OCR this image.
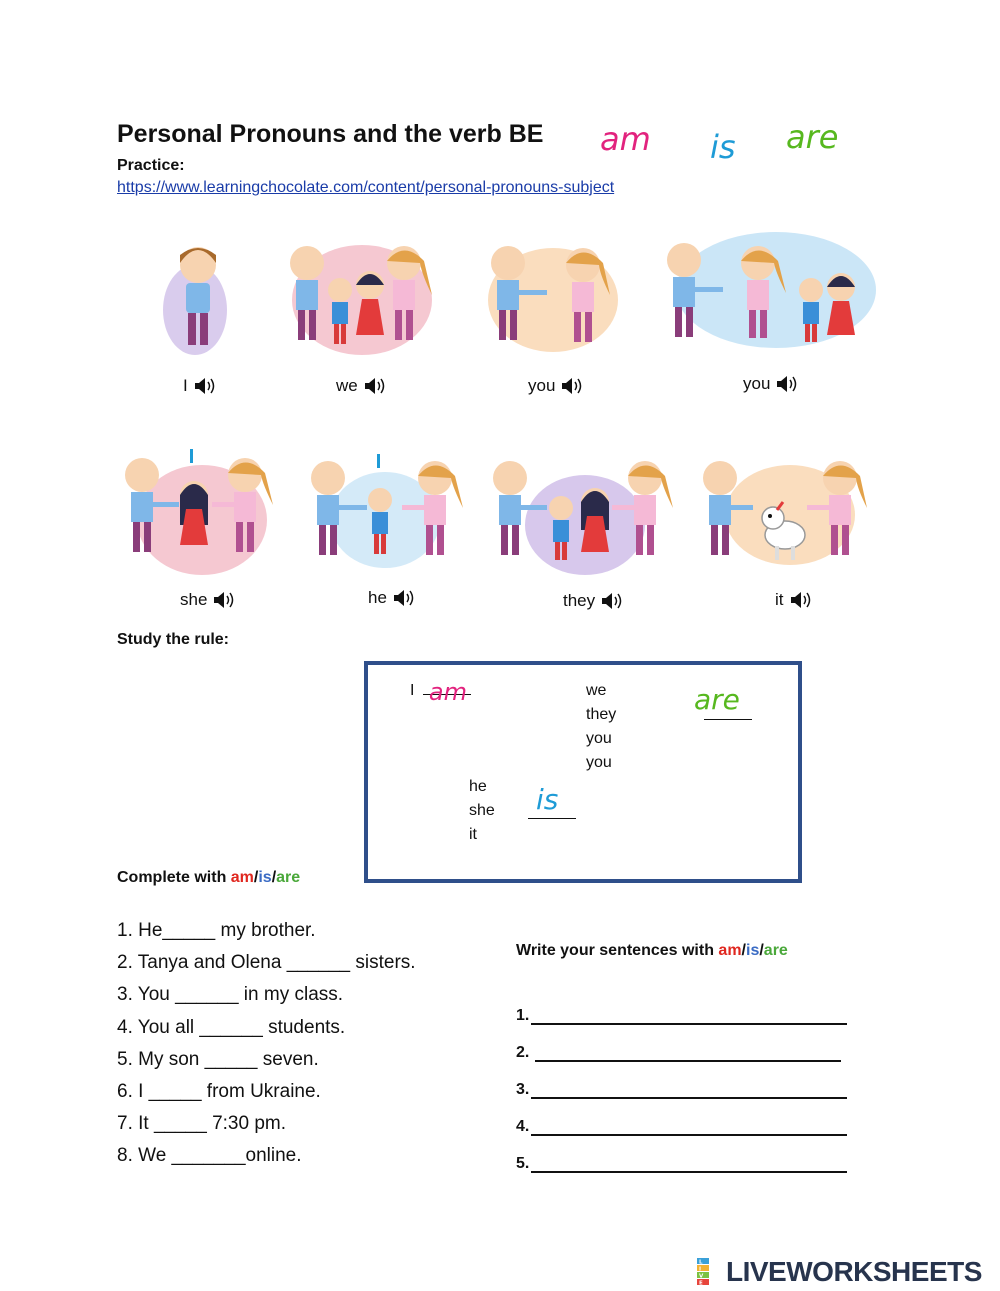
Personal Pronouns and the verb BE
Practice:
https://www.learningchocolate.com/content/personal-pronouns-subject
am is are
I	we	you	you
she	he	they	it
Study the rule:
I am	we
they
you
you
are
he
she
it
is
Complete with am/is/are
1. He_____ my brother.
2. Tanya and Olena ______ sisters.
3. You ______ in my class.
4. You all ______ students.
5. My son _____ seven.
6. I _____ from Ukraine.
7. It _____ 7:30 pm.
8. We _______online.
Write your sentences with am/is/are
1.
2.
3.
4.
5.
L
I
V
E LIVEWORKSHEETS
